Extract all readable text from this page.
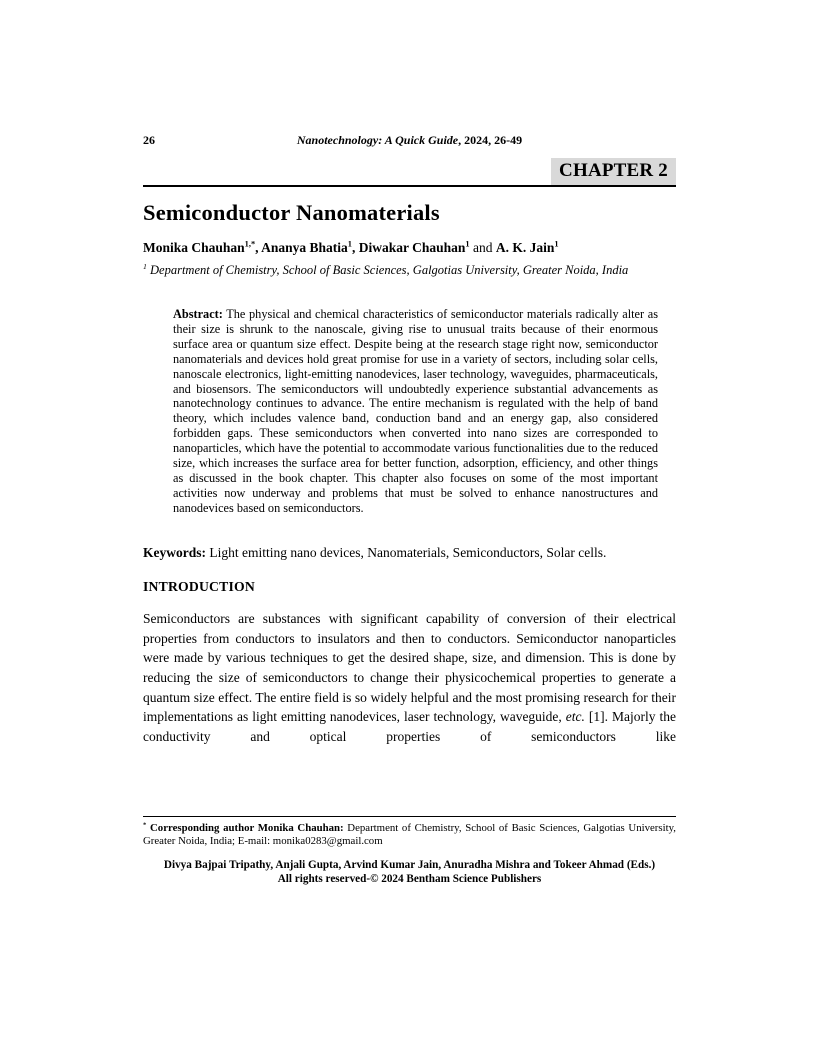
26	Nanotechnology: A Quick Guide, 2024, 26-49
CHAPTER 2
Semiconductor Nanomaterials
Monika Chauhan$^{1,*}$, Ananya Bhatia$^1$, Diwakar Chauhan$^1$ and A. K. Jain$^1$
$^1$ Department of Chemistry, School of Basic Sciences, Galgotias University, Greater Noida, India
Abstract: The physical and chemical characteristics of semiconductor materials radically alter as their size is shrunk to the nanoscale, giving rise to unusual traits because of their enormous surface area or quantum size effect. Despite being at the research stage right now, semiconductor nanomaterials and devices hold great promise for use in a variety of sectors, including solar cells, nanoscale electronics, light-emitting nanodevices, laser technology, waveguides, pharmaceuticals, and biosensors. The semiconductors will undoubtedly experience substantial advancements as nanotechnology continues to advance. The entire mechanism is regulated with the help of band theory, which includes valence band, conduction band and an energy gap, also considered forbidden gaps. These semiconductors when converted into nano sizes are corresponded to nanoparticles, which have the potential to accommodate various functionalities due to the reduced size, which increases the surface area for better function, adsorption, efficiency, and other things as discussed in the book chapter. This chapter also focuses on some of the most important activities now underway and problems that must be solved to enhance nanostructures and nanodevices based on semiconductors.
Keywords: Light emitting nano devices, Nanomaterials, Semiconductors, Solar cells.
INTRODUCTION

Semiconductors are substances with significant capability of conversion of their electrical properties from conductors to insulators and then to conductors. Semiconductor nanoparticles were made by various techniques to get the desired shape, size, and dimension. This is done by reducing the size of semiconductors to change their physicochemical properties to generate a quantum size effect. The entire field is so widely helpful and the most promising research for their implementations as light emitting nanodevices, laser technology, waveguide, etc. [1]. Majorly the conductivity and optical properties of semiconductors like

* Corresponding author Monika Chauhan: Department of Chemistry, School of Basic Sciences, Galgotias University, Greater Noida, India; E-mail: monika0283@gmail.com
Divya Bajpai Tripathy, Anjali Gupta, Arvind Kumar Jain, Anuradha Mishra and Tokeer Ahmad (Eds.)
All rights reserved-© 2024 Bentham Science Publishers
